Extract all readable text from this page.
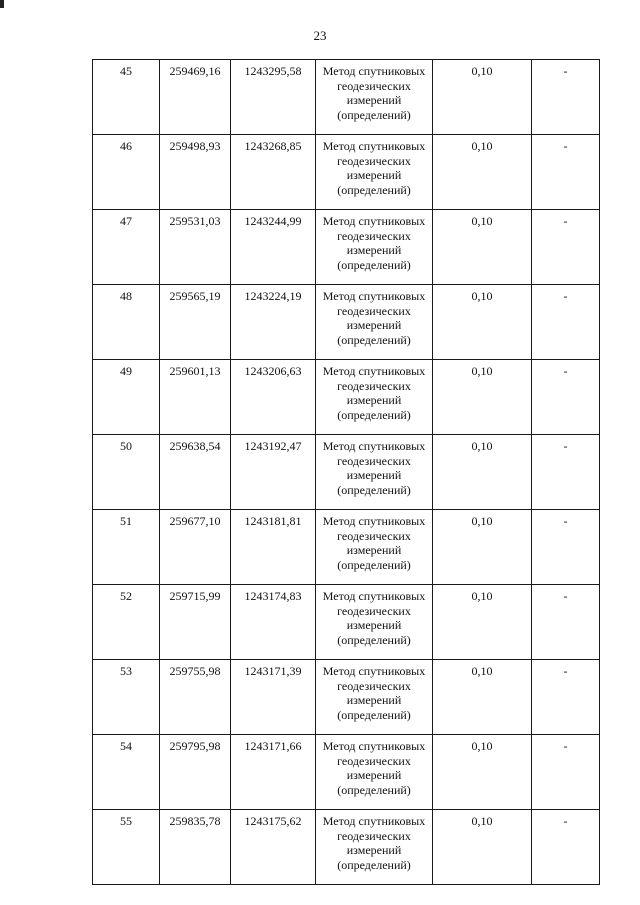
23
45	259469,16	1243295,58	Метод спутниковых
геодезических
измерений
(определений)	0,10	-
46	259498,93	1243268,85	Метод спутниковых
геодезических
измерений
(определений)	0,10	-
47	259531,03	1243244,99	Метод спутниковых
геодезических
измерений
(определений)	0,10	-
48	259565,19	1243224,19	Метод спутниковых
геодезических
измерений
(определений)	0,10	-
49	259601,13	1243206,63	Метод спутниковых
геодезических
измерений
(определений)	0,10	-
50	259638,54	1243192,47	Метод спутниковых
геодезических
измерений
(определений)	0,10	-
51	259677,10	1243181,81	Метод спутниковых
геодезических
измерений
(определений)	0,10	-
52	259715,99	1243174,83	Метод спутниковых
геодезических
измерений
(определений)	0,10	-
53	259755,98	1243171,39	Метод спутниковых
геодезических
измерений
(определений)	0,10	-
54	259795,98	1243171,66	Метод спутниковых
геодезических
измерений
(определений)	0,10	-
55	259835,78	1243175,62	Метод спутниковых
геодезических
измерений
(определений)	0,10	-
